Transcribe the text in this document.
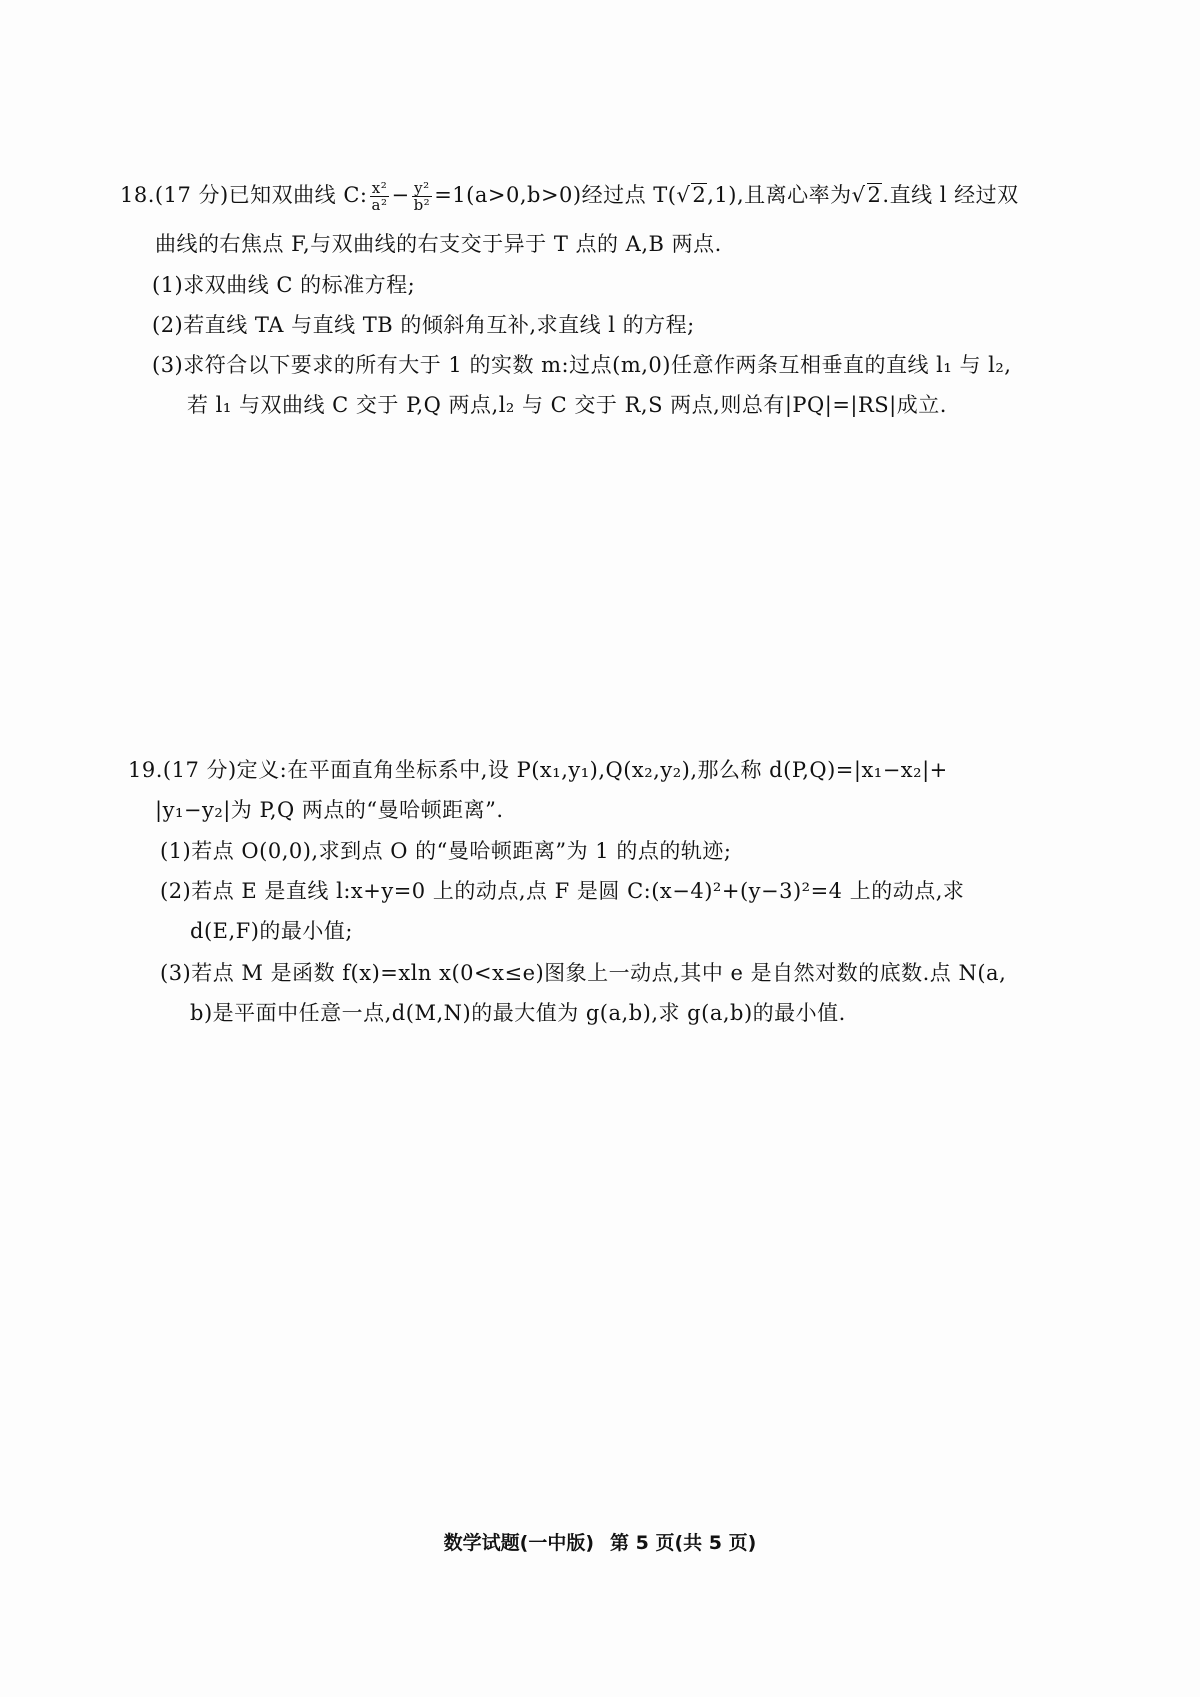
18.(17 分)已知双曲线 C: $\frac{\text{x²}}{\text{a²}} - \frac{\text{y²}}{\text{b²}} =1(a>0,b>0)$经过点 T(√2,1),且离心率为√2.直线 l 经过双
曲线的右焦点 F,与双曲线的右支交于异于 T 点的 A,B 两点.
(1)求双曲线 C 的标准方程;
(2)若直线 TA 与直线 TB 的倾斜角互补,求直线 l 的方程;
(3)求符合以下要求的所有大于 1 的实数 m:过点(m,0)任意作两条互相垂直的直线 l₁ 与 l₂,
若 l₁ 与双曲线 C 交于 P,Q 两点,l₂ 与 C 交于 R,S 两点,则总有|PQ|=|RS|成立.
19.(17 分)定义:在平面直角坐标系中,设 P(x₁,y₁),Q(x₂,y₂),那么称 d(P,Q)=|x₁−x₂|+
|y₁−y₂|为 P,Q 两点的“曼哈顿距离”.
(1)若点 O(0,0),求到点 O 的“曼哈顿距离”为 1 的点的轨迹;
(2)若点 E 是直线 l:x+y=0 上的动点,点 F 是圆 C:(x−4)²+(y−3)²=4 上的动点,求
d(E,F)的最小值;
(3)若点 M 是函数 f(x)=xln x(0<x≤e)图象上一动点,其中 e 是自然对数的底数.点 N(a,
b)是平面中任意一点,d(M,N)的最大值为 g(a,b),求 g(a,b)的最小值.
数学试题(一中版) 第 5 页(共 5 页)
